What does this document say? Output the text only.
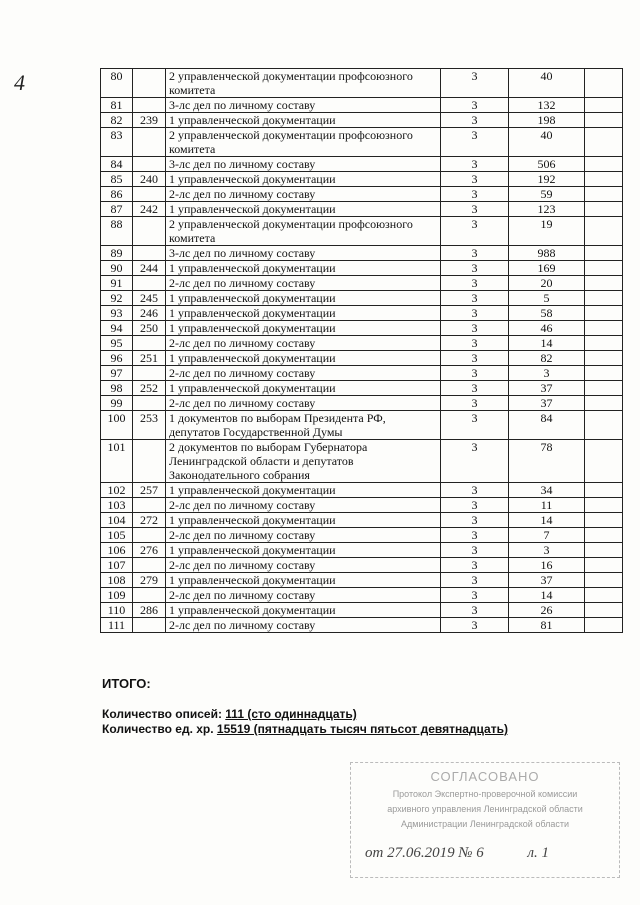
4	80		2 управленческой документации профсоюзного комитета	3	40	
81		3-лс дел по личному составу	3	132	
82	239	1 управленческой документации	3	198	
83		2 управленческой документации профсоюзного комитета	3	40	
84		3-лс дел по личному составу	3	506	
85	240	1 управленческой документации	3	192	
86		2-лс дел по личному составу	3	59	
87	242	1 управленческой документации	3	123	
88		2 управленческой документации профсоюзного комитета	3	19	
89		3-лс дел по личному составу	3	988	
90	244	1 управленческой документации	3	169	
91		2-лс дел по личному составу	3	20	
92	245	1 управленческой документации	3	5	
93	246	1 управленческой документации	3	58	
94	250	1 управленческой документации	3	46	
95		2-лс дел по личному составу	3	14	
96	251	1 управленческой документации	3	82	
97		2-лс дел по личному составу	3	3	
98	252	1 управленческой документации	3	37	
99		2-лс дел по личному составу	3	37	
100	253	1 документов по выборам Президента РФ, депутатов Государственной Думы	3	84	
101		2 документов по выборам Губернатора Ленинградской области и депутатов Законодательного собрания	3	78	
102	257	1 управленческой документации	3	34	
103		2-лс дел по личному составу	3	11	
104	272	1 управленческой документации	3	14	
105		2-лс дел по личному составу	3	7	
106	276	1 управленческой документации	3	3	
107		2-лс дел по личному составу	3	16	
108	279	1 управленческой документации	3	37	
109		2-лс дел по личному составу	3	14	
110	286	1 управленческой документации	3	26	
111		2-лс дел по личному составу	3	81	
ИТОГО:
Количество описей: 111 (сто одиннадцать)
Количество ед. хр. 15519 (пятнадцать тысяч пятьсот девятнадцать)
СОГЛАСОВАНО
Протокол Экспертно-проверочной комиссии
архивного управления Ленинградской области
Администрации Ленинградской области
от 27.06.2019 № 6	л. 1
